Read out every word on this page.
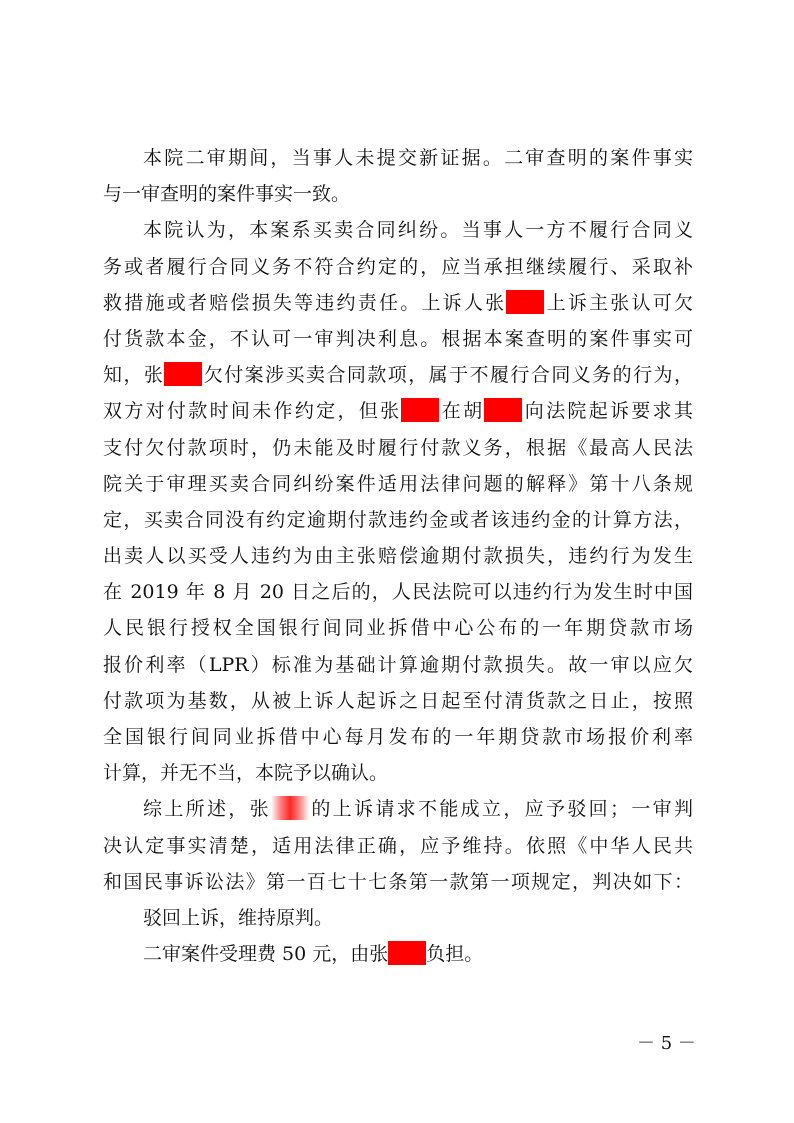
本院二审期间，当事人未提交新证据。二审查明的案件事实
与一审查明的案件事实一致。
本院认为，本案系买卖合同纠纷。当事人一方不履行合同义
务或者履行合同义务不符合约定的，应当承担继续履行、采取补
救措施或者赔偿损失等违约责任。上诉人张 上诉主张认可欠
付货款本金，不认可一审判决利息。根据本案查明的案件事实可
知，张 欠付案涉买卖合同款项，属于不履行合同义务的行为，
双方对付款时间未作约定，但张 在胡 向法院起诉要求其
支付欠付款项时，仍未能及时履行付款义务，根据《最高人民法
院关于审理买卖合同纠纷案件适用法律问题的解释》第十八条规
定，买卖合同没有约定逾期付款违约金或者该违约金的计算方法，
出卖人以买受人违约为由主张赔偿逾期付款损失，违约行为发生
在 2019 年 8 月 20 日之后的，人民法院可以违约行为发生时中国
人民银行授权全国银行间同业拆借中心公布的一年期贷款市场
报价利率（LPR）标准为基础计算逾期付款损失。故一审以应欠
付款项为基数，从被上诉人起诉之日起至付清货款之日止，按照
全国银行间同业拆借中心每月发布的一年期贷款市场报价利率
计算，并无不当，本院予以确认。
综上所述，张 的上诉请求不能成立，应予驳回；一审判
决认定事实清楚，适用法律正确，应予维持。依照《中华人民共
和国民事诉讼法》第一百七十七条第一款第一项规定，判决如下：
驳回上诉，维持原判。
二审案件受理费 50 元，由张 负担。
－ 5 －
